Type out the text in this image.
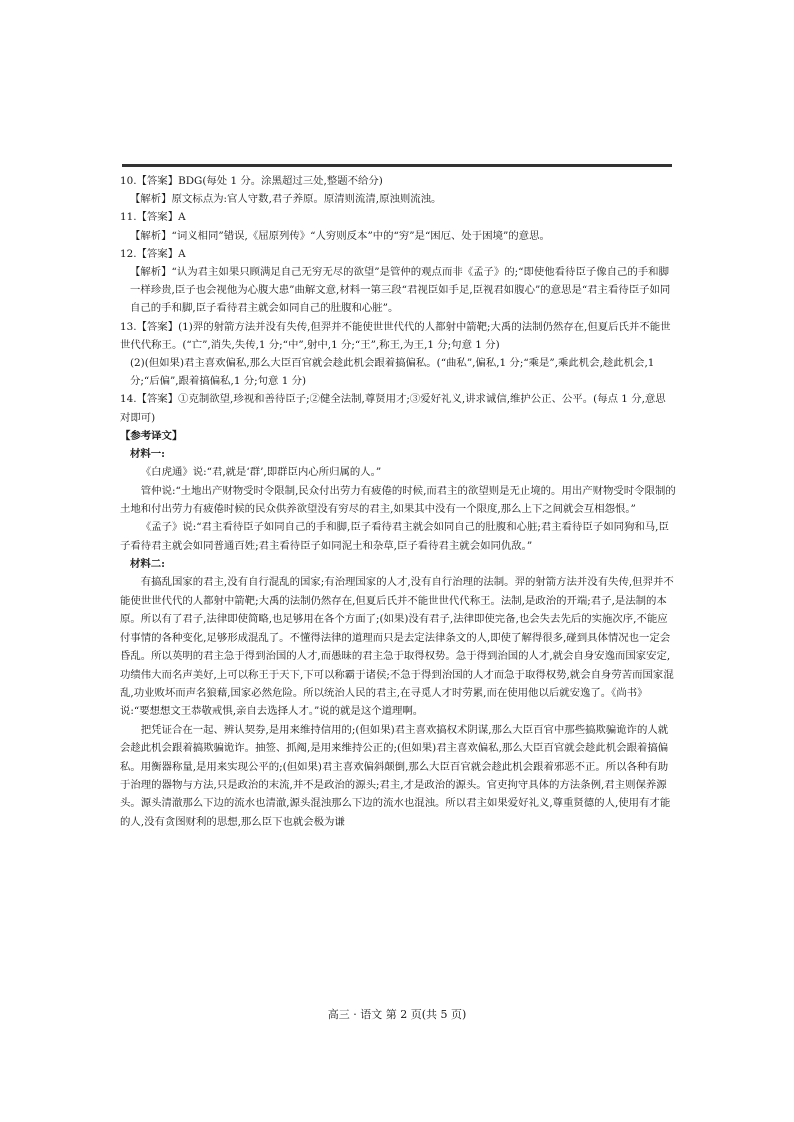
10.【答案】BDG(每处 1 分。涂黑超过三处,整题不给分)

【解析】原文标点为:官人守数,君子养原。原清则流清,原浊则流浊。

11.【答案】A

【解析】“词义相同”错误,《屈原列传》“人穷则反本”中的“穷”是“困厄、处于困境”的意思。

12.【答案】A

【解析】“认为君主如果只顾满足自己无穷无尽的欲望”是管仲的观点而非《孟子》的;“即使他看待臣子像自己的手和脚一样珍贵,臣子也会视他为心腹大患”曲解文意,材料一第三段“君视臣如手足,臣视君如腹心”的意思是“君主看待臣子如同自己的手和脚,臣子看待君主就会如同自己的肚腹和心脏”。

13.【答案】(1)羿的射箭方法并没有失传,但羿并不能使世世代代的人都射中箭靶;大禹的法制仍然存在,但夏后氏并不能世世代代称王。(“亡”,消失,失传,1 分;“中”,射中,1 分;“王”,称王,为王,1 分;句意 1 分)

(2)(但如果)君主喜欢偏私,那么大臣百官就会趁此机会跟着搞偏私。(“曲私”,偏私,1 分;“乘是”,乘此机会,趁此机会,1 分;“后偏”,跟着搞偏私,1 分;句意 1 分)

14.【答案】①克制欲望,珍视和善待臣子;②健全法制,尊贤用才;③爱好礼义,讲求诚信,维护公正、公平。(每点 1 分,意思对即可)

【参考译文】

材料一:

《白虎通》说:“君,就是‘群’,即群臣内心所归属的人。”

管仲说:“土地出产财物受时令限制,民众付出劳力有疲倦的时候,而君主的欲望则是无止境的。用出产财物受时令限制的土地和付出劳力有疲倦时候的民众供养欲望没有穷尽的君主,如果其中没有一个限度,那么上下之间就会互相怨恨。”

《孟子》说:“君主看待臣子如同自己的手和脚,臣子看待君主就会如同自己的肚腹和心脏;君主看待臣子如同狗和马,臣子看待君主就会如同普通百姓;君主看待臣子如同泥土和杂草,臣子看待君主就会如同仇敌。”

材料二:

有搞乱国家的君主,没有自行混乱的国家;有治理国家的人才,没有自行治理的法制。羿的射箭方法并没有失传,但羿并不能使世世代代的人都射中箭靶;大禹的法制仍然存在,但夏后氏并不能世世代代称王。法制,是政治的开端;君子,是法制的本原。所以有了君子,法律即使简略,也足够用在各个方面了;(如果)没有君子,法律即使完备,也会失去先后的实施次序,不能应付事情的各种变化,足够形成混乱了。不懂得法律的道理而只是去定法律条文的人,即使了解得很多,碰到具体情况也一定会昏乱。所以英明的君主急于得到治国的人才,而愚昧的君主急于取得权势。急于得到治国的人才,就会自身安逸而国家安定,功绩伟大而名声美好,上可以称王于天下,下可以称霸于诸侯;不急于得到治国的人才而急于取得权势,就会自身劳苦而国家混乱,功业败坏而声名狼藉,国家必然危险。所以统治人民的君主,在寻觅人才时劳累,而在使用他以后就安逸了。《尚书》说:“要想想文王恭敬戒惧,亲自去选择人才。”说的就是这个道理啊。

把凭证合在一起、辨认契券,是用来维持信用的;(但如果)君主喜欢搞权术阴谋,那么大臣百官中那些搞欺骗诡诈的人就会趁此机会跟着搞欺骗诡诈。抽签、抓阄,是用来维持公正的;(但如果)君主喜欢偏私,那么大臣百官就会趁此机会跟着搞偏私。用衡器称量,是用来实现公平的;(但如果)君主喜欢偏斜颠倒,那么大臣百官就会趁此机会跟着邪恶不正。所以各种有助于治理的器物与方法,只是政治的末流,并不是政治的源头;君主,才是政治的源头。官吏拘守具体的方法条例,君主则保养源头。源头清澈那么下边的流水也清澈,源头混浊那么下边的流水也混浊。所以君主如果爱好礼义,尊重贤德的人,使用有才能的人,没有贪图财利的思想,那么臣下也就会极为谦

高三 · 语文 第 2 页(共 5 页)
